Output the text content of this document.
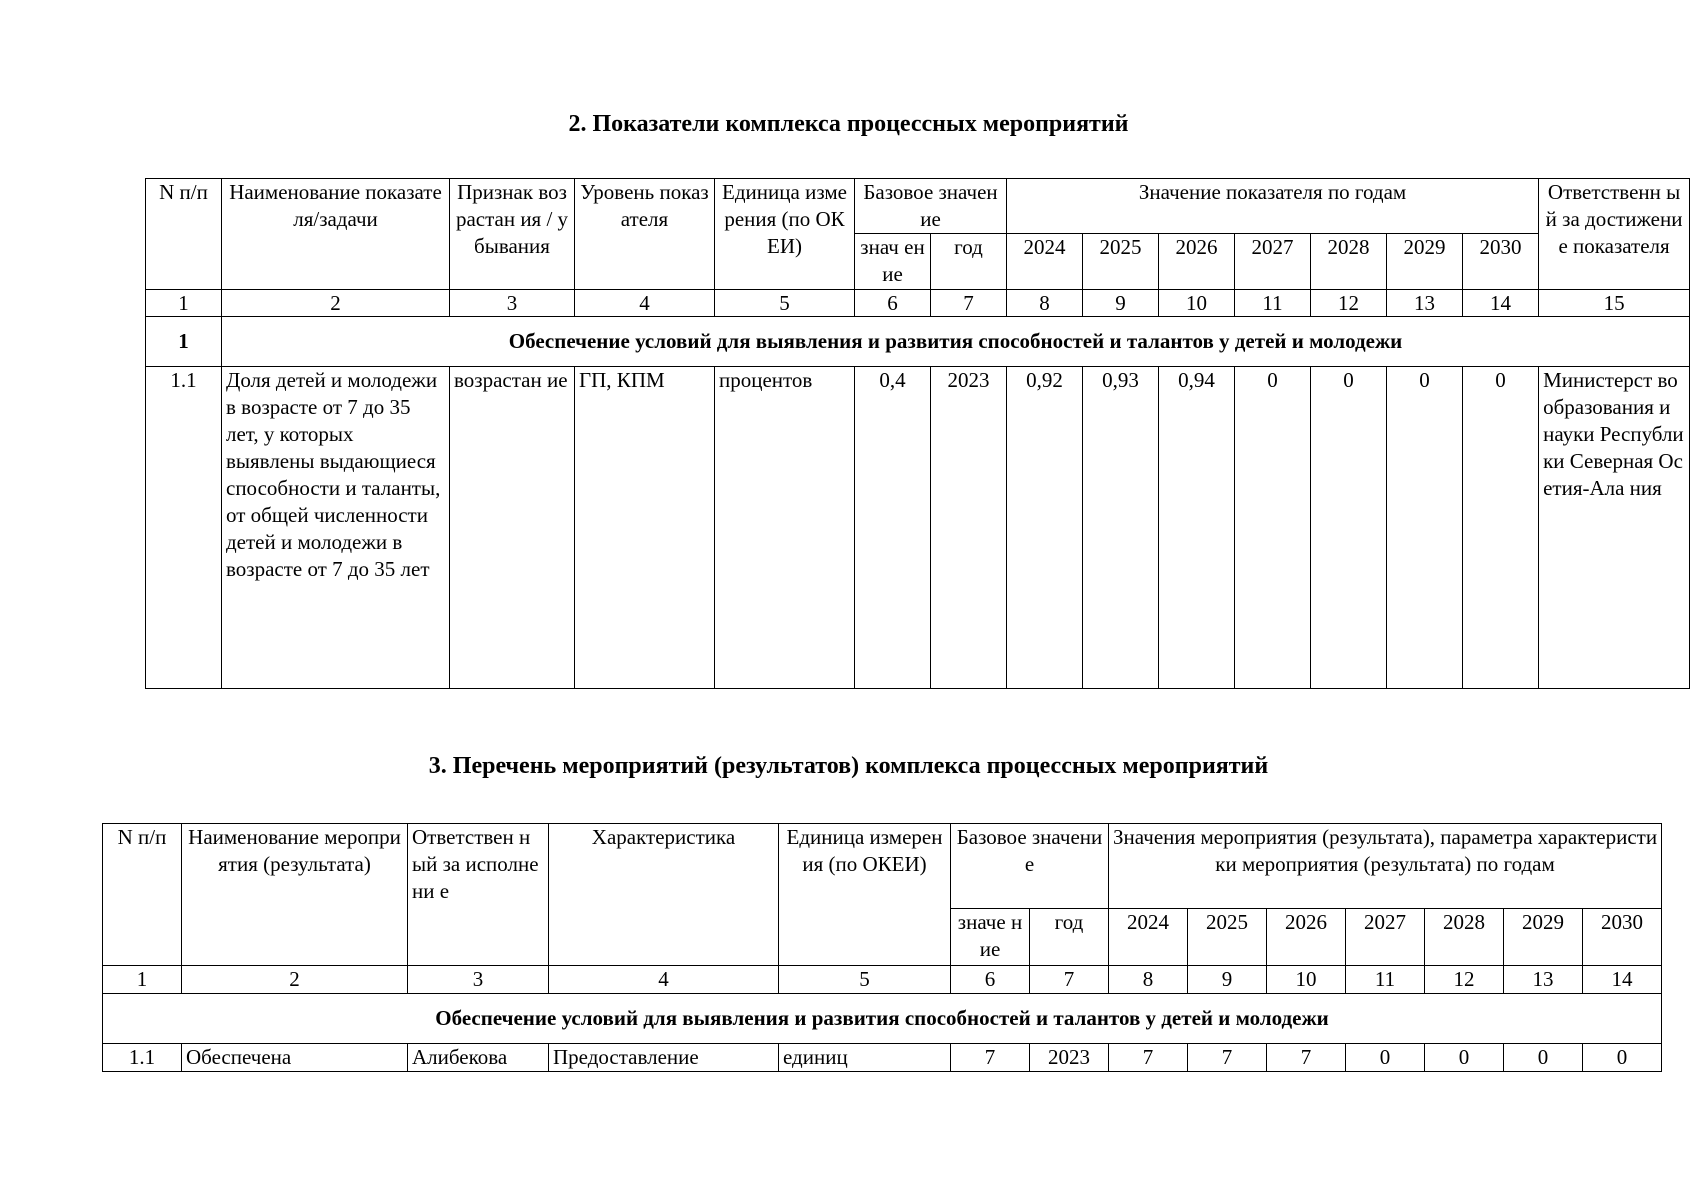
2. Показатели комплекса процессных мероприятий
N п/п	Наименование показателя/задачи	Признак возрастан ия / убывания	Уровень показателя	Единица измерения (по ОКЕИ)	Базовое значение		Значение показателя по годам							Ответственн ый за достижение показателя
					знач ение	год	2024	2025	2026	2027	2028	2029	2030	
1	2	3	4	5	6	7	8	9	10	11	12	13	14	15
1	Обеспечение условий для выявления и развития способностей и талантов у детей и молодежи													
1.1	Доля детей и молодежи в возрасте от 7 до 35 лет, у которых выявлены выдающиеся способности и таланты, от общей численности детей и молодежи в возрасте от 7 до 35 лет	возрастан ие	ГП, КПМ	процентов	0,4	2023	0,92	0,93	0,94	0	0	0	0	Министерст во образования и науки Республики Северная Осетия-Ала ния
3. Перечень мероприятий (результатов) комплекса процессных мероприятий
N п/п	Наименование мероприятия (результата)	Ответствен ный за исполнени е	Характеристика	Единица измерения (по ОКЕИ)	Базовое значение		Значения мероприятия (результата), параметра характеристики мероприятия (результата) по годам						
					значе ние	год	2024	2025	2026	2027	2028	2029	2030
1	2	3	4	5	6	7	8	9	10	11	12	13	14
Обеспечение условий для выявления и развития способностей и талантов у детей и молодежи													
1.1	Обеспечена	Алибекова	Предоставление	единиц	7	2023	7	7	7	0	0	0	0
